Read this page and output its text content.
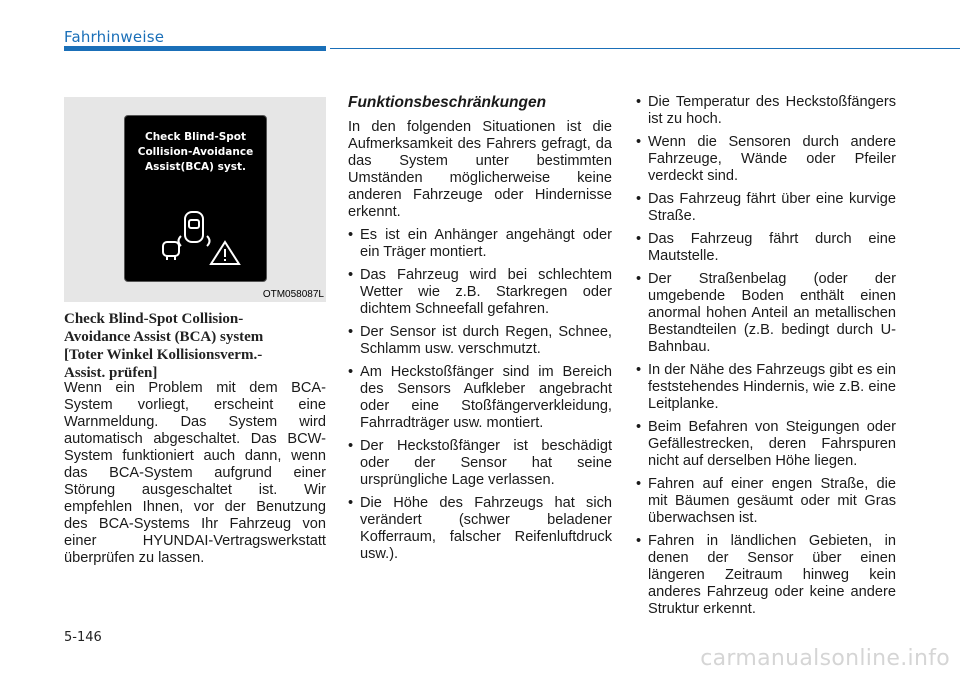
Fahrhinweise
Check Blind-Spot
Collision-Avoidance
Assist(BCA) syst.
OTM058087L
Check Blind-Spot Collision-
Avoidance Assist (BCA) system
[Toter Winkel Kollisionsverm.-
Assist. prüfen]

Wenn ein Problem mit dem BCA-System vorliegt, erscheint eine Warnmeldung. Das System wird automatisch abgeschaltet. Das BCW-System funktioniert auch dann, wenn das BCA-System aufgrund einer Störung ausgeschaltet ist. Wir empfehlen Ihnen, vor der Benutzung des BCA-Systems Ihr Fahrzeug von einer HYUNDAI-Vertragswerkstatt überprüfen zu lassen.

Funktionsbeschränkungen

In den folgenden Situationen ist die Aufmerksamkeit des Fahrers gefragt, da das System unter bestimmten Umständen möglicherweise keine anderen Fahrzeuge oder Hindernisse erkennt.

• Es ist ein Anhänger angehängt oder ein Träger montiert.
• Das Fahrzeug wird bei schlechtem Wetter wie z.B. Starkregen oder dichtem Schneefall gefahren.
• Der Sensor ist durch Regen, Schnee, Schlamm usw. verschmutzt.
• Am Heckstoßfänger sind im Bereich des Sensors Aufkleber angebracht oder eine Stoßfängerverkleidung, Fahrradträger usw. montiert.
• Der Heckstoßfänger ist beschädigt oder der Sensor hat seine ursprüngliche Lage verlassen.
• Die Höhe des Fahrzeugs hat sich verändert (schwer beladener Kofferraum, falscher Reifenluftdruck usw.).
• Die Temperatur des Heckstoßfängers ist zu hoch.
• Wenn die Sensoren durch andere Fahrzeuge, Wände oder Pfeiler verdeckt sind.
• Das Fahrzeug fährt über eine kurvige Straße.
• Das Fahrzeug fährt durch eine Mautstelle.
• Der Straßenbelag (oder der umgebende Boden enthält einen anormal hohen Anteil an metallischen Bestandteilen (z.B. bedingt durch U-Bahnbau.
• In der Nähe des Fahrzeugs gibt es ein feststehendes Hindernis, wie z.B. eine Leitplanke.
• Beim Befahren von Steigungen oder Gefällestrecken, deren Fahrspuren nicht auf derselben Höhe liegen.
• Fahren auf einer engen Straße, die mit Bäumen gesäumt oder mit Gras überwachsen ist.
• Fahren in ländlichen Gebieten, in denen der Sensor über einen längeren Zeitraum hinweg kein anderes Fahrzeug oder keine andere Struktur erkennt.
5-146
carmanualsonline.info
